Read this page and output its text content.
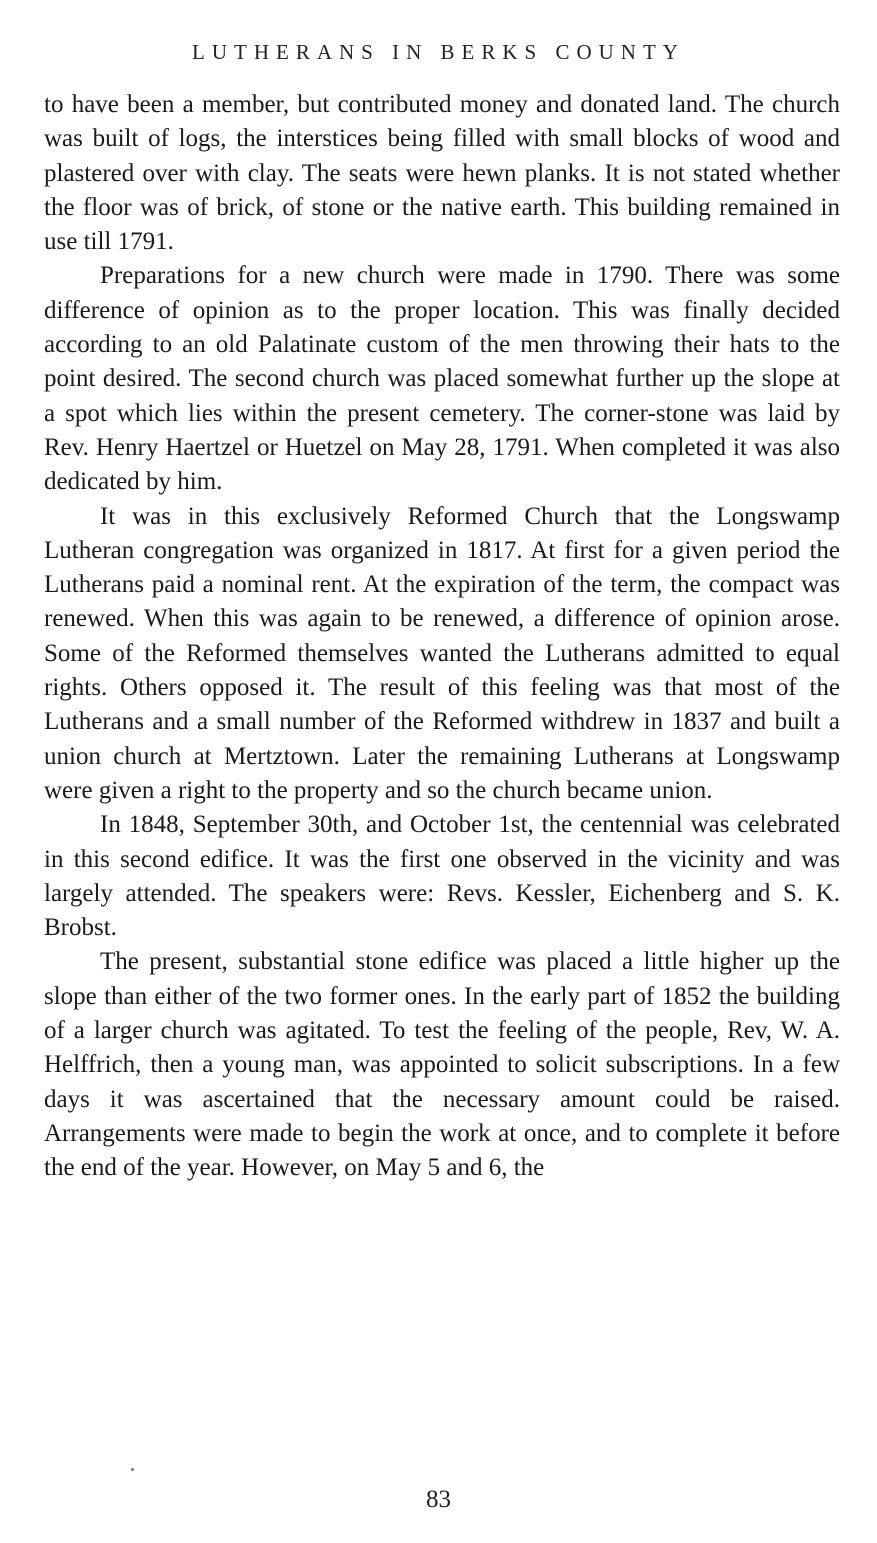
LUTHERANS IN BERKS COUNTY

to have been a member, but contributed money and donated land. The church was built of logs, the interstices being filled with small blocks of wood and plastered over with clay. The seats were hewn planks. It is not stated whether the floor was of brick, of stone or the native earth. This building remained in use till 1791.

Preparations for a new church were made in 1790. There was some difference of opinion as to the proper location. This was finally decided according to an old Palatinate custom of the men throwing their hats to the point desired. The second church was placed somewhat further up the slope at a spot which lies within the present cemetery. The corner-stone was laid by Rev. Henry Haertzel or Huetzel on May 28, 1791. When completed it was also dedicated by him.

It was in this exclusively Reformed Church that the Longswamp Lutheran congregation was organized in 1817. At first for a given period the Lutherans paid a nominal rent. At the expiration of the term, the compact was renewed. When this was again to be renewed, a difference of opinion arose. Some of the Reformed themselves wanted the Lutherans admitted to equal rights. Others opposed it. The result of this feeling was that most of the Lutherans and a small number of the Reformed withdrew in 1837 and built a union church at Mertztown. Later the remaining Lutherans at Longswamp were given a right to the property and so the church became union.

In 1848, September 30th, and October 1st, the centennial was celebrated in this second edifice. It was the first one observed in the vicinity and was largely attended. The speakers were: Revs. Kessler, Eichenberg and S. K. Brobst.

The present, substantial stone edifice was placed a little higher up the slope than either of the two former ones. In the early part of 1852 the building of a larger church was agitated. To test the feeling of the people, Rev, W. A. Helffrich, then a young man, was appointed to solicit subscriptions. In a few days it was ascertained that the necessary amount could be raised. Arrangements were made to begin the work at once, and to complete it before the end of the year. However, on May 5 and 6, the

83
